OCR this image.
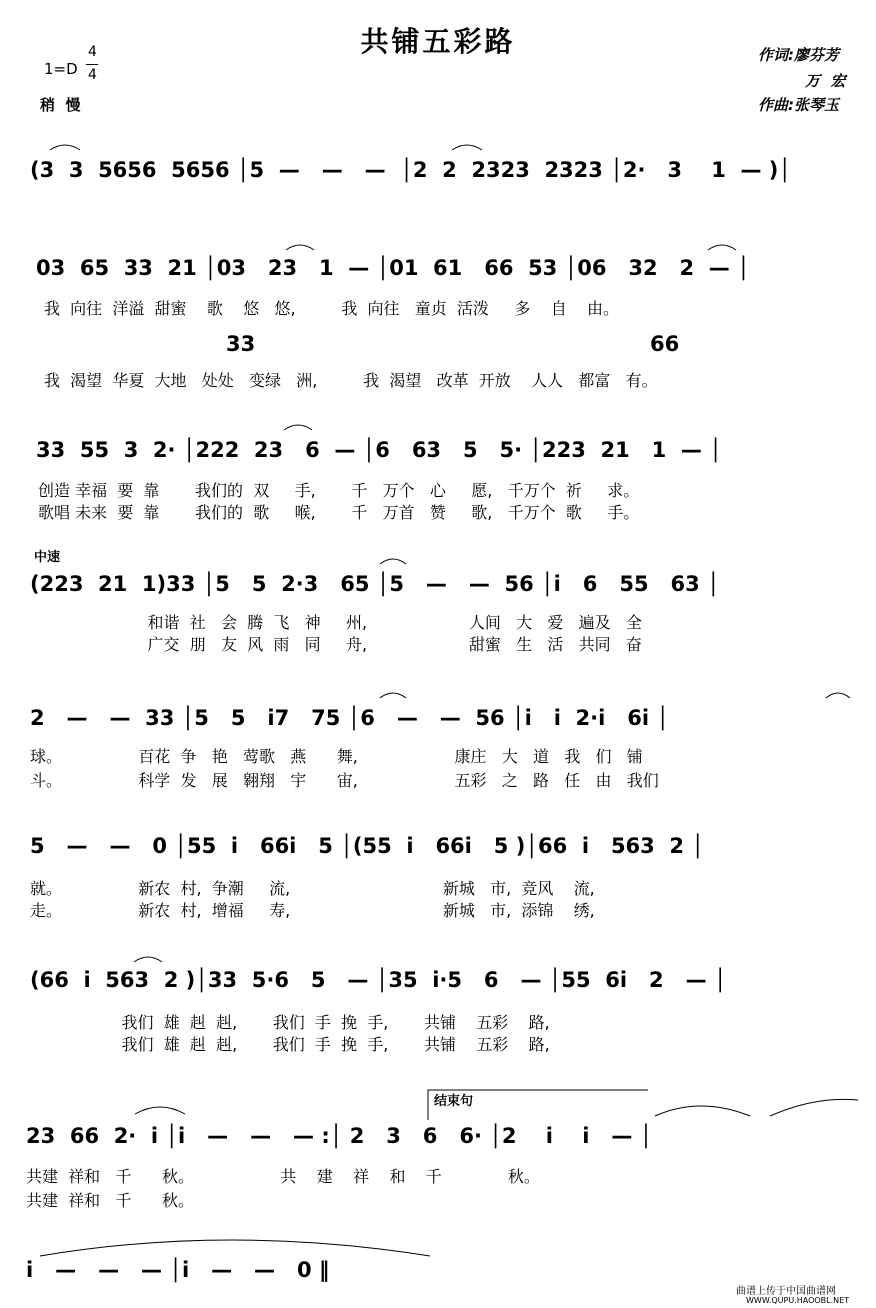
共铺五彩路
1=D
4
4
稍  慢
作词:廖芬芳
万  宏
作曲:张琴玉
(3  3  5656  5656 │5  —   —   —  │2  2  2323  2323 │2·   3    1  — )│
03  65  33  21 │03   23   1  — │01  61   66  53 │06   32   2  — │
我  向往  洋溢  甜蜜    歌    悠   悠,         我  向往   童贞  活泼     多    自    由。
33	66
我  渴望  华夏  大地   处处   变绿   洲,         我  渴望   改革  开放    人人   都富   有。
33  55  3  2· │222  23   6  — │6   63   5   5· │223  21   1  — │
创造 幸福  要  靠       我们的  双     手,       千   万个   心     愿,   千万个  祈     求。
歌唱 未来  要  靠       我们的  歌     喉,       千   万首   赞     歌,   千万个  歌     手。
中速
(223  21  1)33 │5   5  2·3   65 │5   —   —  56 │i   6   55   63 │
和谐  社   会  腾  飞   神     州,                    人间   大   爱   遍及   全
广交  朋   友  风  雨   同     舟,                    甜蜜   生   活   共同   奋
2   —   —  33 │5   5   i7   75 │6   —   —  56 │i   i  2·i   6i │
球。               百花  争   艳   莺歌   燕      舞,                   康庄   大   道   我   们   铺
斗。               科学  发   展   翱翔   宇      宙,                   五彩   之   路   任   由   我们
5   —   —   0 │55  i   66i   5 │(55  i   66i   5 )│66  i   563  2 │
就。               新农  村,  争潮     流,                              新城   市,  竞风    流,
走。               新农  村,  增福     寿,                              新城   市,  添锦    绣,
(66  i  563  2 )│33  5·6   5   — │35  i·5   6   — │55  6i   2   — │
我们  雄  赳  赳,       我们  手  挽  手,       共铺    五彩    路,
我们  雄  赳  赳,       我们  手  挽  手,       共铺    五彩    路,
结束句
23  66  2·  i │i   —   —   — :│ 2   3   6   6· │2    i    i   — │
共建  祥和   千      秋。                 共    建    祥    和    千             秋。
共建  祥和   千      秋。
i   —   —   — │i   —   —   0 ‖
曲谱上传于中国曲谱网
WWW.QUPU.HAOOBL.NET
